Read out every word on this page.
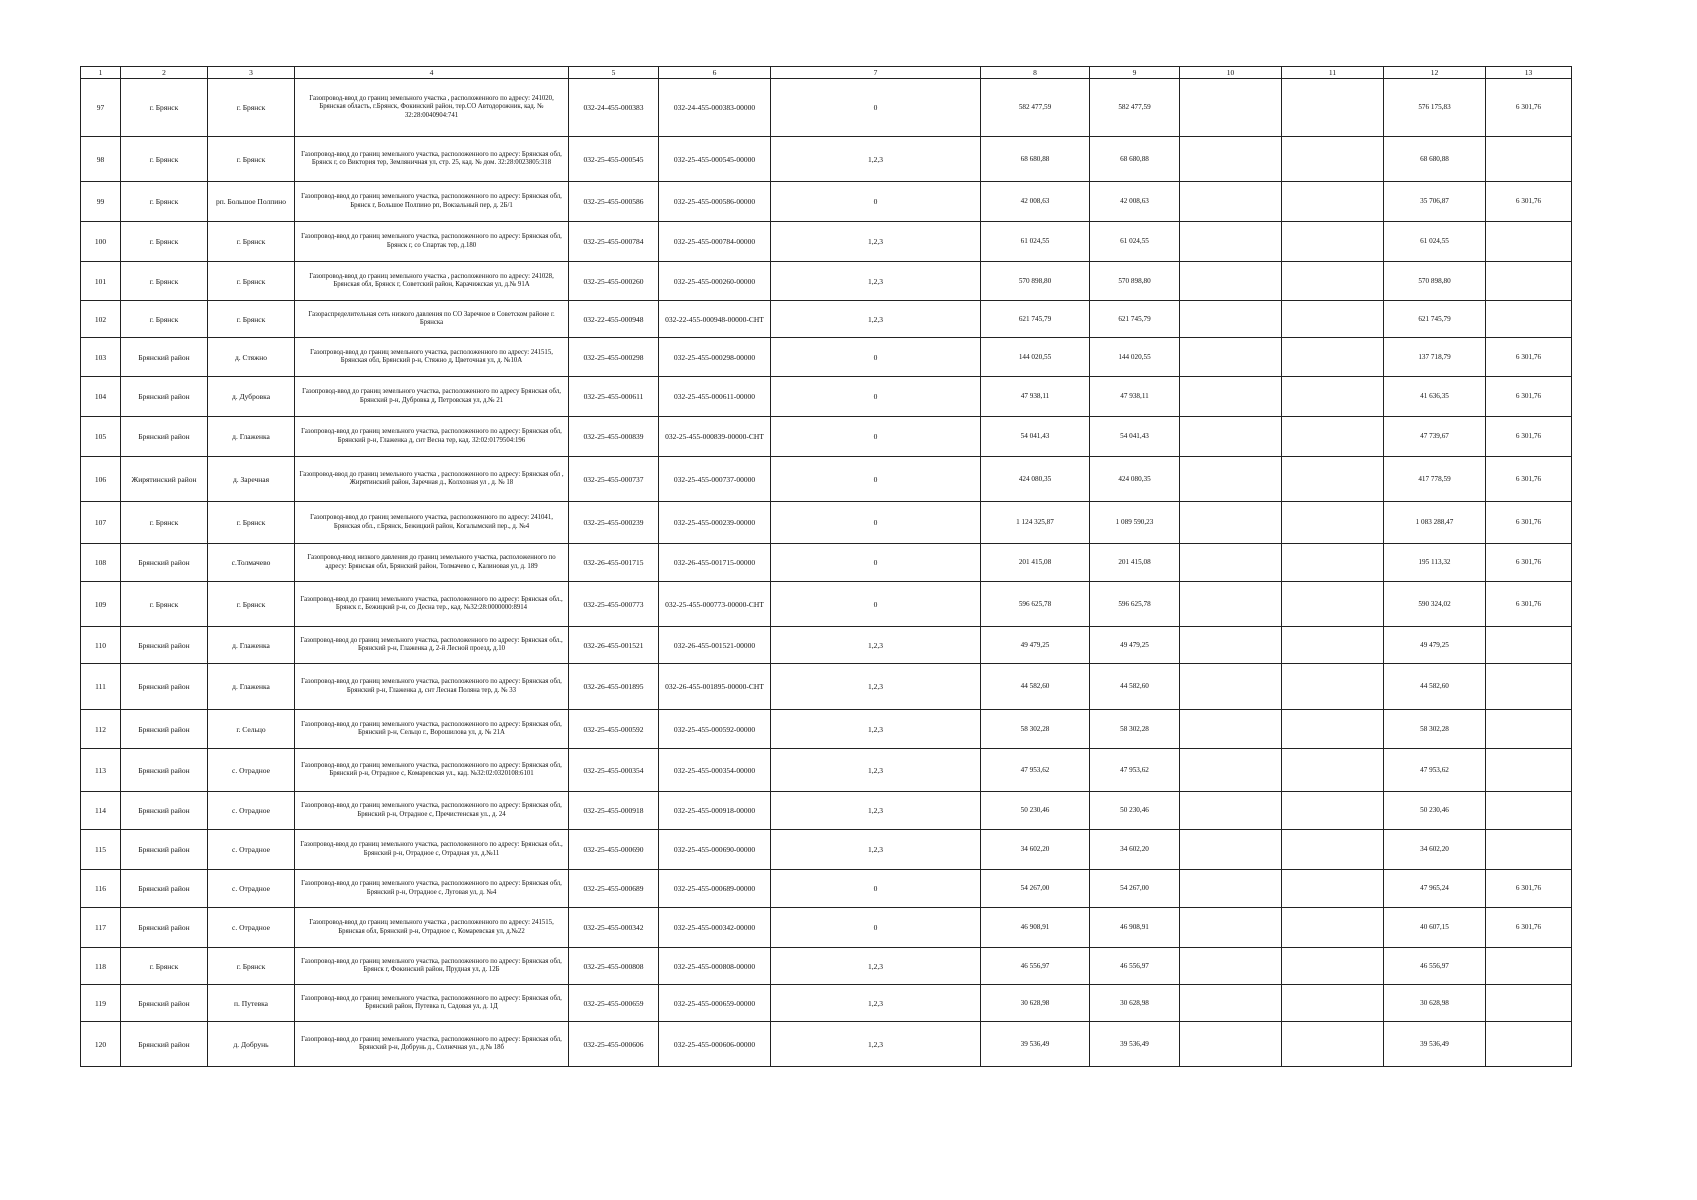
1	2	3	4	5	6	7	8	9	10	11	12	13
97	г. Брянск	г. Брянск	Газопровод-ввод до границ земельного участка , расположенного по адресу: 241020, Брянская область, г.Брянск, Фокинский район, тер.СО Автодорожник, кад. № 32:28:0040904:741	032-24-455-000383	032-24-455-000383-00000	0	582 477,59	582 477,59			576 175,83	6 301,76
98	г. Брянск	г. Брянск	Газопровод-ввод до границ земельного участка, расположенного по адресу: Брянская обл, Брянск г, со Виктория тер, Земляничная ул, стр. 25, кад. № дом. 32:28:0023805:318	032-25-455-000545	032-25-455-000545-00000	1,2,3	68 680,88	68 680,88			68 680,88	
99	г. Брянск	рп. Большое Полпино	Газопровод-ввод до границ земельного участка, расположенного по адресу: Брянская обл, Брянск г, Большое Полпино рп, Вокзальный пер, д. 2Б/1	032-25-455-000586	032-25-455-000586-00000	0	42 008,63	42 008,63			35 706,87	6 301,76
100	г. Брянск	г. Брянск	Газопровод-ввод до границ земельного участка, расположенного по адресу: Брянская обл, Брянск г, со Спартак тер, д.180	032-25-455-000784	032-25-455-000784-00000	1,2,3	61 024,55	61 024,55			61 024,55	
101	г. Брянск	г. Брянск	Газопровод-ввод до границ земельного участка , расположенного по адресу: 241028, Брянская обл, Брянск г, Советский район, Карачижская ул, д.№ 91А	032-25-455-000260	032-25-455-000260-00000	1,2,3	570 898,80	570 898,80			570 898,80	
102	г. Брянск	г. Брянск	Газораспределительная сеть низкого давления по СО Заречное в Советском районе г. Брянска	032-22-455-000948	032-22-455-000948-00000-СНТ	1,2,3	621 745,79	621 745,79			621 745,79	
103	Брянский район	д. Стяжно	Газопровод-ввод до границ земельного участка, расположенного по адресу: 241515, Брянская обл, Брянский р-н, Стяжно д, Цветочная ул, д. №10А	032-25-455-000298	032-25-455-000298-00000	0	144 020,55	144 020,55			137 718,79	6 301,76
104	Брянский район	д. Дубровка	Газопровод-ввод до границ земельного участка, расположенного по адресу Брянская обл, Брянский р-н, Дубровка д, Петровская ул, д.№ 21	032-25-455-000611	032-25-455-000611-00000	0	47 938,11	47 938,11			41 636,35	6 301,76
105	Брянский район	д. Глаженка	Газопровод-ввод до границ земельного участка, расположенного по адресу: Брянская обл, Брянский р-н, Глаженка д, снт Весна тер, кад. 32:02:0179504:196	032-25-455-000839	032-25-455-000839-00000-СНТ	0	54 041,43	54 041,43			47 739,67	6 301,76
106	Жирятинский район	д. Заречная	Газопровод-ввод до границ земельного участка , расположенного по адресу: Брянская обл , Жирятинский район, Заречная д., Колхозная ул , д. № 18	032-25-455-000737	032-25-455-000737-00000	0	424 080,35	424 080,35			417 778,59	6 301,76
107	г. Брянск	г. Брянск	Газопровод-ввод до границ земельного участка, расположенного по адресу: 241041, Брянская обл., г.Брянск, Бежицкий район, Когалымский пер., д. №4	032-25-455-000239	032-25-455-000239-00000	0	1 124 325,87	1 089 590,23			1 083 288,47	6 301,76
108	Брянский район	с.Толмачево	Газопровод-ввод низкого давления до границ земельного участка, расположенного по адресу: Брянская обл, Брянский район, Толмачево с, Калиновая ул, д. 189	032-26-455-001715	032-26-455-001715-00000	0	201 415,08	201 415,08			195 113,32	6 301,76
109	г. Брянск	г. Брянск	Газопровод-ввод до границ земельного участка, расположенного по адресу: Брянская обл., Брянск г., Бежицкий р-н, со Десна тер., кад. №32:28:0000000:8914	032-25-455-000773	032-25-455-000773-00000-СНТ	0	596 625,78	596 625,78			590 324,02	6 301,76
110	Брянский район	д. Глаженка	Газопровод-ввод до границ земельного участка, расположенного по адресу: Брянская обл., Брянский р-н, Глаженка д, 2-й Лесной проезд, д.10	032-26-455-001521	032-26-455-001521-00000	1,2,3	49 479,25	49 479,25			49 479,25	
111	Брянский район	д. Глаженка	Газопровод-ввод до границ земельного участка, расположенного по адресу: Брянская обл, Брянский р-н, Глаженка д, снт Лесная Поляна тер, д. № 33	032-26-455-001895	032-26-455-001895-00000-СНТ	1,2,3	44 582,60	44 582,60			44 582,60	
112	Брянский район	г. Сельцо	Газопровод-ввод до границ земельного участка, расположенного по адресу: Брянская обл, Брянский р-н, Сельцо г., Ворошилова ул, д. № 21А	032-25-455-000592	032-25-455-000592-00000	1,2,3	58 302,28	58 302,28			58 302,28	
113	Брянский район	с. Отрадное	Газопровод-ввод до границ земельного участка, расположенного по адресу: Брянская обл, Брянский р-н, Отрадное с, Комаревская ул., кад. №32:02:0320108:6101	032-25-455-000354	032-25-455-000354-00000	1,2,3	47 953,62	47 953,62			47 953,62	
114	Брянский район	с. Отрадное	Газопровод-ввод до границ земельного участка, расположенного по адресу: Брянская обл, Брянский р-н, Отрадное с, Пречистенская ул., д. 24	032-25-455-000918	032-25-455-000918-00000	1,2,3	50 230,46	50 230,46			50 230,46	
115	Брянский район	с. Отрадное	Газопровод-ввод до границ земельного участка, расположенного по адресу: Брянская обл., Брянский р-н, Отрадное с, Отрадная ул, д.№11	032-25-455-000690	032-25-455-000690-00000	1,2,3	34 602,20	34 602,20			34 602,20	
116	Брянский район	с. Отрадное	Газопровод-ввод до границ земельного участка, расположенного по адресу: Брянская обл, Брянский р-н, Отрадное с, Луговая ул, д. №4	032-25-455-000689	032-25-455-000689-00000	0	54 267,00	54 267,00			47 965,24	6 301,76
117	Брянский район	с. Отрадное	Газопровод-ввод до границ земельного участка , расположенного по адресу: 241515, Брянская обл, Брянский р-н, Отрадное с, Комаревская ул, д.№22	032-25-455-000342	032-25-455-000342-00000	0	46 908,91	46 908,91			40 607,15	6 301,76
118	г. Брянск	г. Брянск	Газопровод-ввод до границ земельного участка, расположенного по адресу: Брянская обл, Брянск г, Фокинский район, Прудная ул, д. 12Б	032-25-455-000808	032-25-455-000808-00000	1,2,3	46 556,97	46 556,97			46 556,97	
119	Брянский район	п. Путевка	Газопровод-ввод до границ земельного участка, расположенного по адресу: Брянская обл, Брянский район, Путевка п, Садовая ул, д. 1Д	032-25-455-000659	032-25-455-000659-00000	1,2,3	30 628,98	30 628,98			30 628,98	
120	Брянский район	д. Добрунь	Газопровод-ввод до границ земельного участка, расположенного по адресу: Брянская обл, Брянский р-н, Добрунь д., Солнечная ул., д.№ 18б	032-25-455-000606	032-25-455-000606-00000	1,2,3	39 536,49	39 536,49			39 536,49	
